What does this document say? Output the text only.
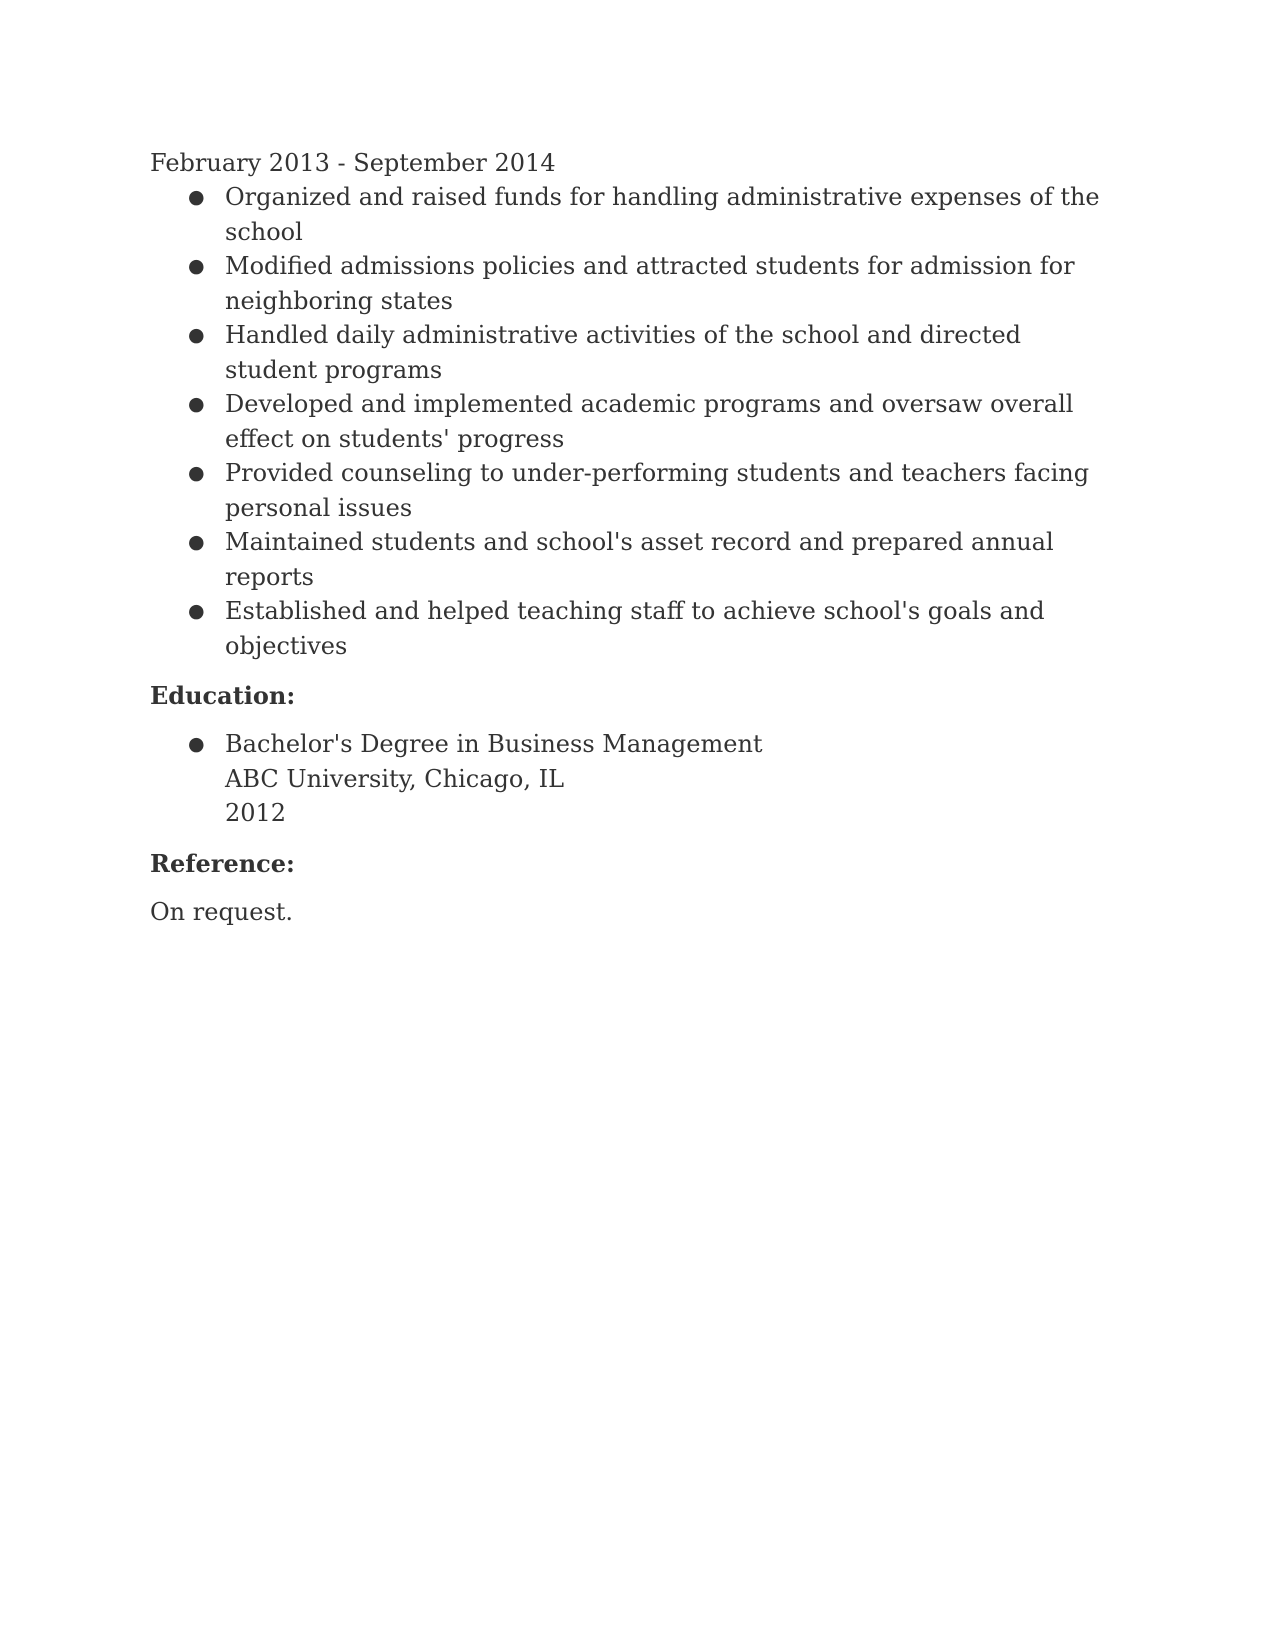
February 2013 - September 2014

● Organized and raised funds for handling administrative expenses of the school
● Modified admissions policies and attracted students for admission for neighboring states
● Handled daily administrative activities of the school and directed student programs
● Developed and implemented academic programs and oversaw overall effect on students' progress
● Provided counseling to under-performing students and teachers facing personal issues
● Maintained students and school's asset record and prepared annual reports
● Established and helped teaching staff to achieve school's goals and objectives
Education:
● Bachelor's Degree in Business Management
ABC University, Chicago, IL
2012
Reference:

On request.
